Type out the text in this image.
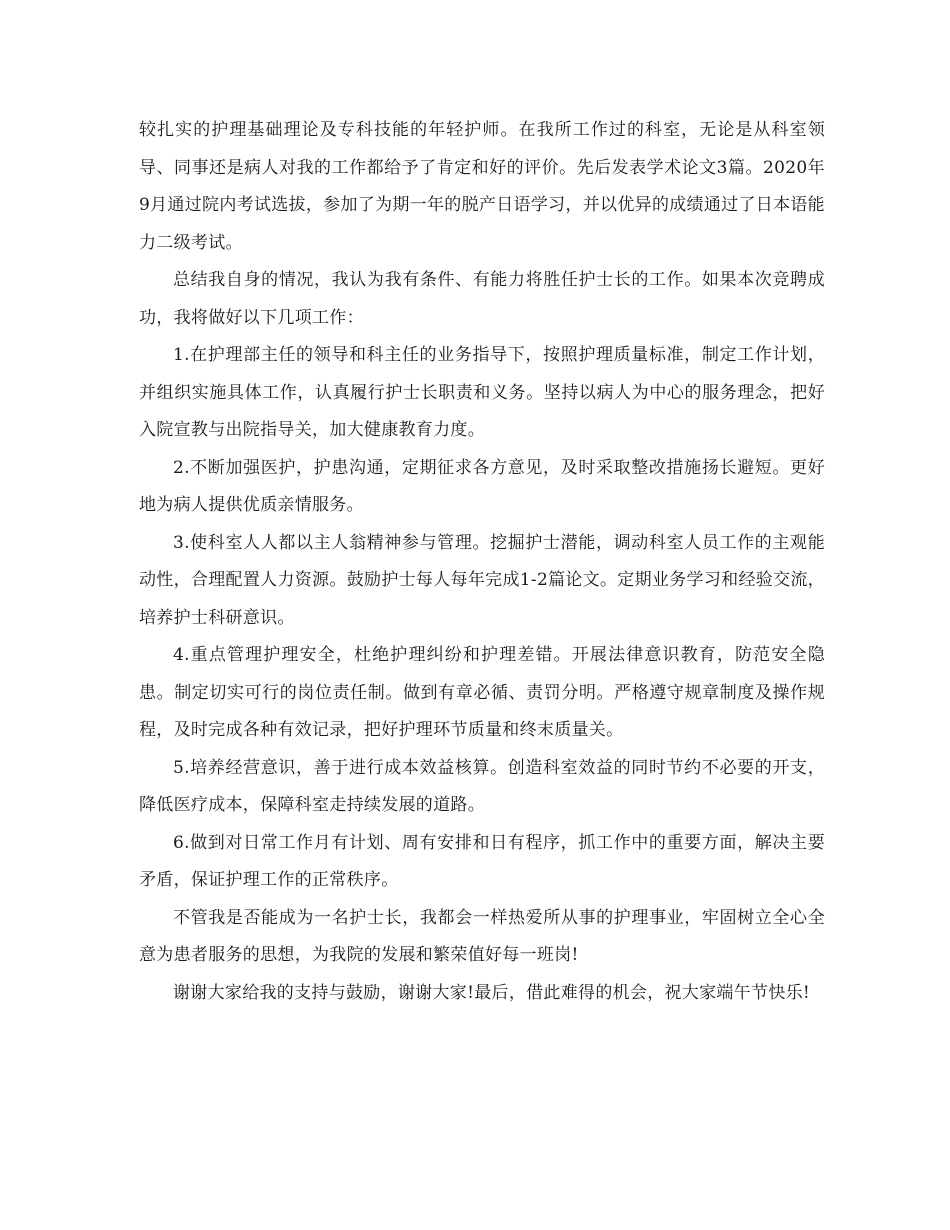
较扎实的护理基础理论及专科技能的年轻护师。在我所工作过的科室，无论是从科室领导、同事还是病人对我的工作都给予了肯定和好的评价。先后发表学术论文3篇。2020年9月通过院内考试选拔，参加了为期一年的脱产日语学习，并以优异的成绩通过了日本语能力二级考试。

总结我自身的情况，我认为我有条件、有能力将胜任护士长的工作。如果本次竞聘成功，我将做好以下几项工作：

1.在护理部主任的领导和科主任的业务指导下，按照护理质量标准，制定工作计划，并组织实施具体工作，认真履行护士长职责和义务。坚持以病人为中心的服务理念，把好入院宣教与出院指导关，加大健康教育力度。

2.不断加强医护，护患沟通，定期征求各方意见，及时采取整改措施扬长避短。更好地为病人提供优质亲情服务。

3.使科室人人都以主人翁精神参与管理。挖掘护士潜能，调动科室人员工作的主观能动性，合理配置人力资源。鼓励护士每人每年完成1-2篇论文。定期业务学习和经验交流，培养护士科研意识。

4.重点管理护理安全，杜绝护理纠纷和护理差错。开展法律意识教育，防范安全隐患。制定切实可行的岗位责任制。做到有章必循、责罚分明。严格遵守规章制度及操作规程，及时完成各种有效记录，把好护理环节质量和终末质量关。

5.培养经营意识，善于进行成本效益核算。创造科室效益的同时节约不必要的开支，降低医疗成本，保障科室走持续发展的道路。

6.做到对日常工作月有计划、周有安排和日有程序，抓工作中的重要方面，解决主要矛盾，保证护理工作的正常秩序。

不管我是否能成为一名护士长，我都会一样热爱所从事的护理事业，牢固树立全心全意为患者服务的思想，为我院的发展和繁荣值好每一班岗!

谢谢大家给我的支持与鼓励，谢谢大家!最后，借此难得的机会，祝大家端午节快乐!
